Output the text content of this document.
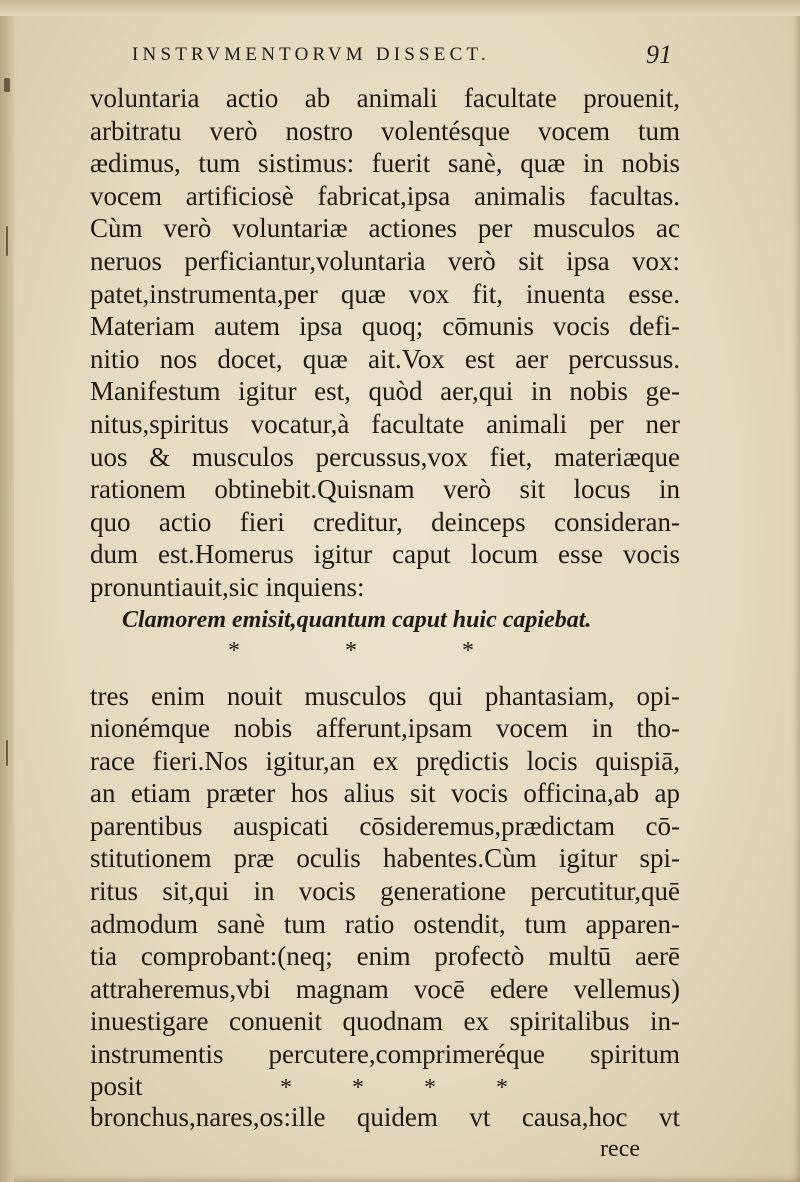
INSTRVMENTORVM DISSECT.	91
voluntaria actio ab animali facultate prouenit,
arbitratu verò nostro volentésque vocem tum
ædimus, tum sistimus: fuerit sanè, quæ in nobis
vocem artificiosè fabricat,ipsa animalis facultas.
Cùm verò voluntariæ actiones per musculos ac
neruos perficiantur,voluntaria verò sit ipsa vox:
patet,instrumenta,per quæ vox fit, inuenta esse.
Materiam autem ipsa quoq; cōmunis vocis defi-
nitio nos docet, quæ ait.Vox est aer percussus.
Manifestum igitur est, quòd aer,qui in nobis ge-
nitus,spiritus vocatur,à facultate animali per ner
uos & musculos percussus,vox fiet, materiæque
rationem obtinebit.Quisnam verò sit locus in
quo actio fieri creditur, deinceps consideran-
dum est.Homerus igitur caput locum esse vocis
pronuntiauit,sic inquiens:
Clamorem emisit,quantum caput huic capiebat.
*	*	*
tres enim nouit musculos qui phantasiam, opi-
nionémque nobis afferunt,ipsam vocem in tho-
race fieri.Nos igitur,an ex prędictis locis quispiā,
an etiam præter hos alius sit vocis officina,ab ap
parentibus auspicati cōsideremus,prædictam cō-
stitutionem præ oculis habentes.Cùm igitur spi-
ritus sit,qui in vocis generatione percutitur,quē
admodum sanè tum ratio ostendit, tum apparen-
tia comprobant:(neq; enim profectò multū aerē
attraheremus,vbi magnam vocē edere vellemus)
inuestigare conuenit quodnam ex spiritalibus in-
instrumentis percutere,comprimeréque spiritum
posit	*	*	*	*
bronchus,nares,os:ille quidem vt causa,hoc vt
rece
